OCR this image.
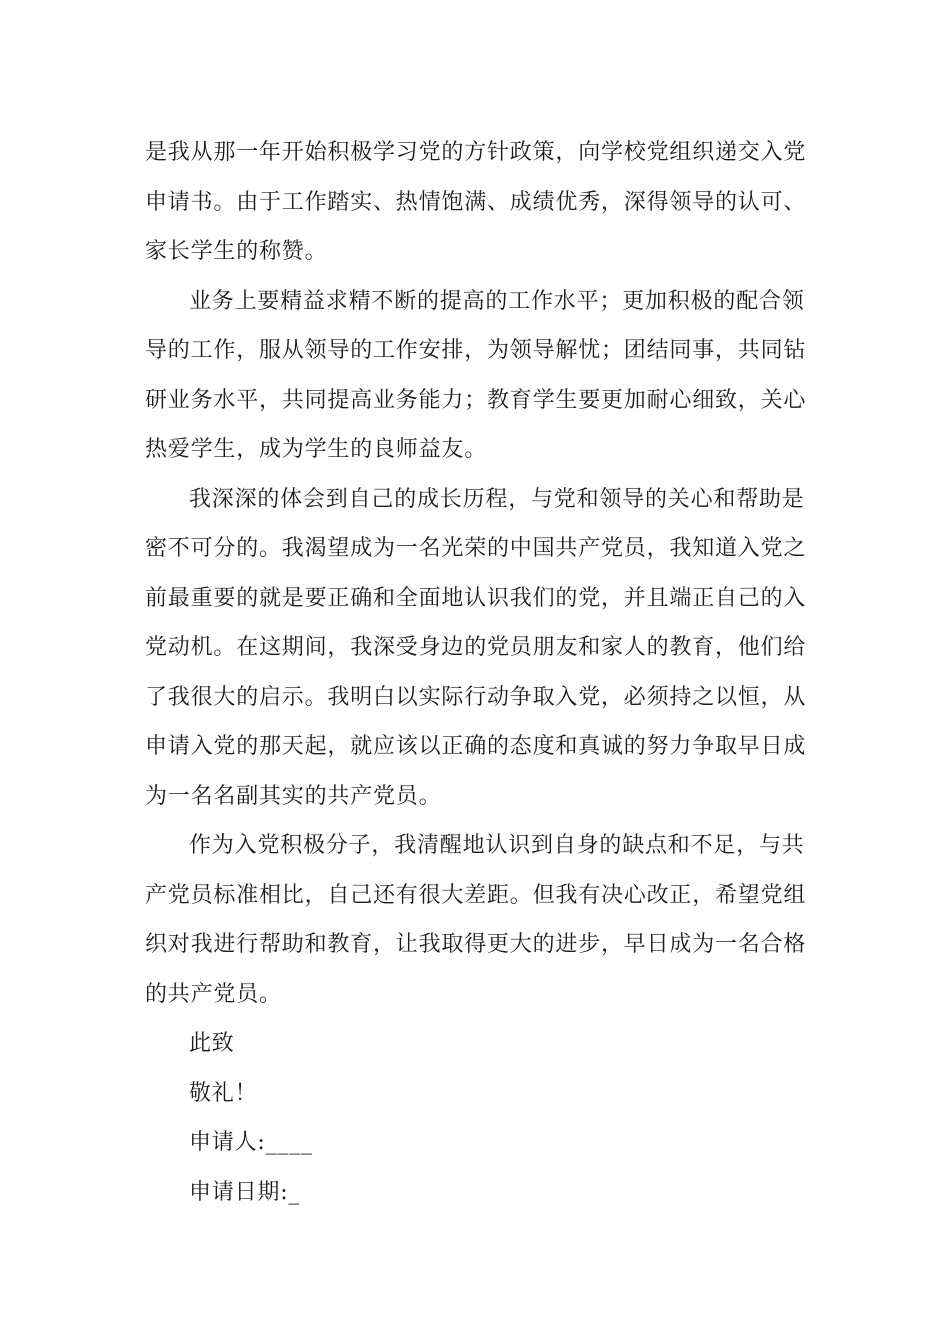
是我从那一年开始积极学习党的方针政策，向学校党组织递交入党
申请书。由于工作踏实、热情饱满、成绩优秀，深得领导的认可、
家长学生的称赞。
业务上要精益求精不断的提高的工作水平；更加积极的配合领
导的工作，服从领导的工作安排，为领导解忧；团结同事，共同钻
研业务水平，共同提高业务能力；教育学生要更加耐心细致，关心
热爱学生，成为学生的良师益友。
我深深的体会到自己的成长历程，与党和领导的关心和帮助是
密不可分的。我渴望成为一名光荣的中国共产党员，我知道入党之
前最重要的就是要正确和全面地认识我们的党，并且端正自己的入
党动机。在这期间，我深受身边的党员朋友和家人的教育，他们给
了我很大的启示。我明白以实际行动争取入党，必须持之以恒，从
申请入党的那天起，就应该以正确的态度和真诚的努力争取早日成
为一名名副其实的共产党员。
作为入党积极分子，我清醒地认识到自身的缺点和不足，与共
产党员标准相比，自己还有很大差距。但我有决心改正，希望党组
织对我进行帮助和教育，让我取得更大的进步，早日成为一名合格
的共产党员。

此致

敬礼！

申请人:____

申请日期:_
